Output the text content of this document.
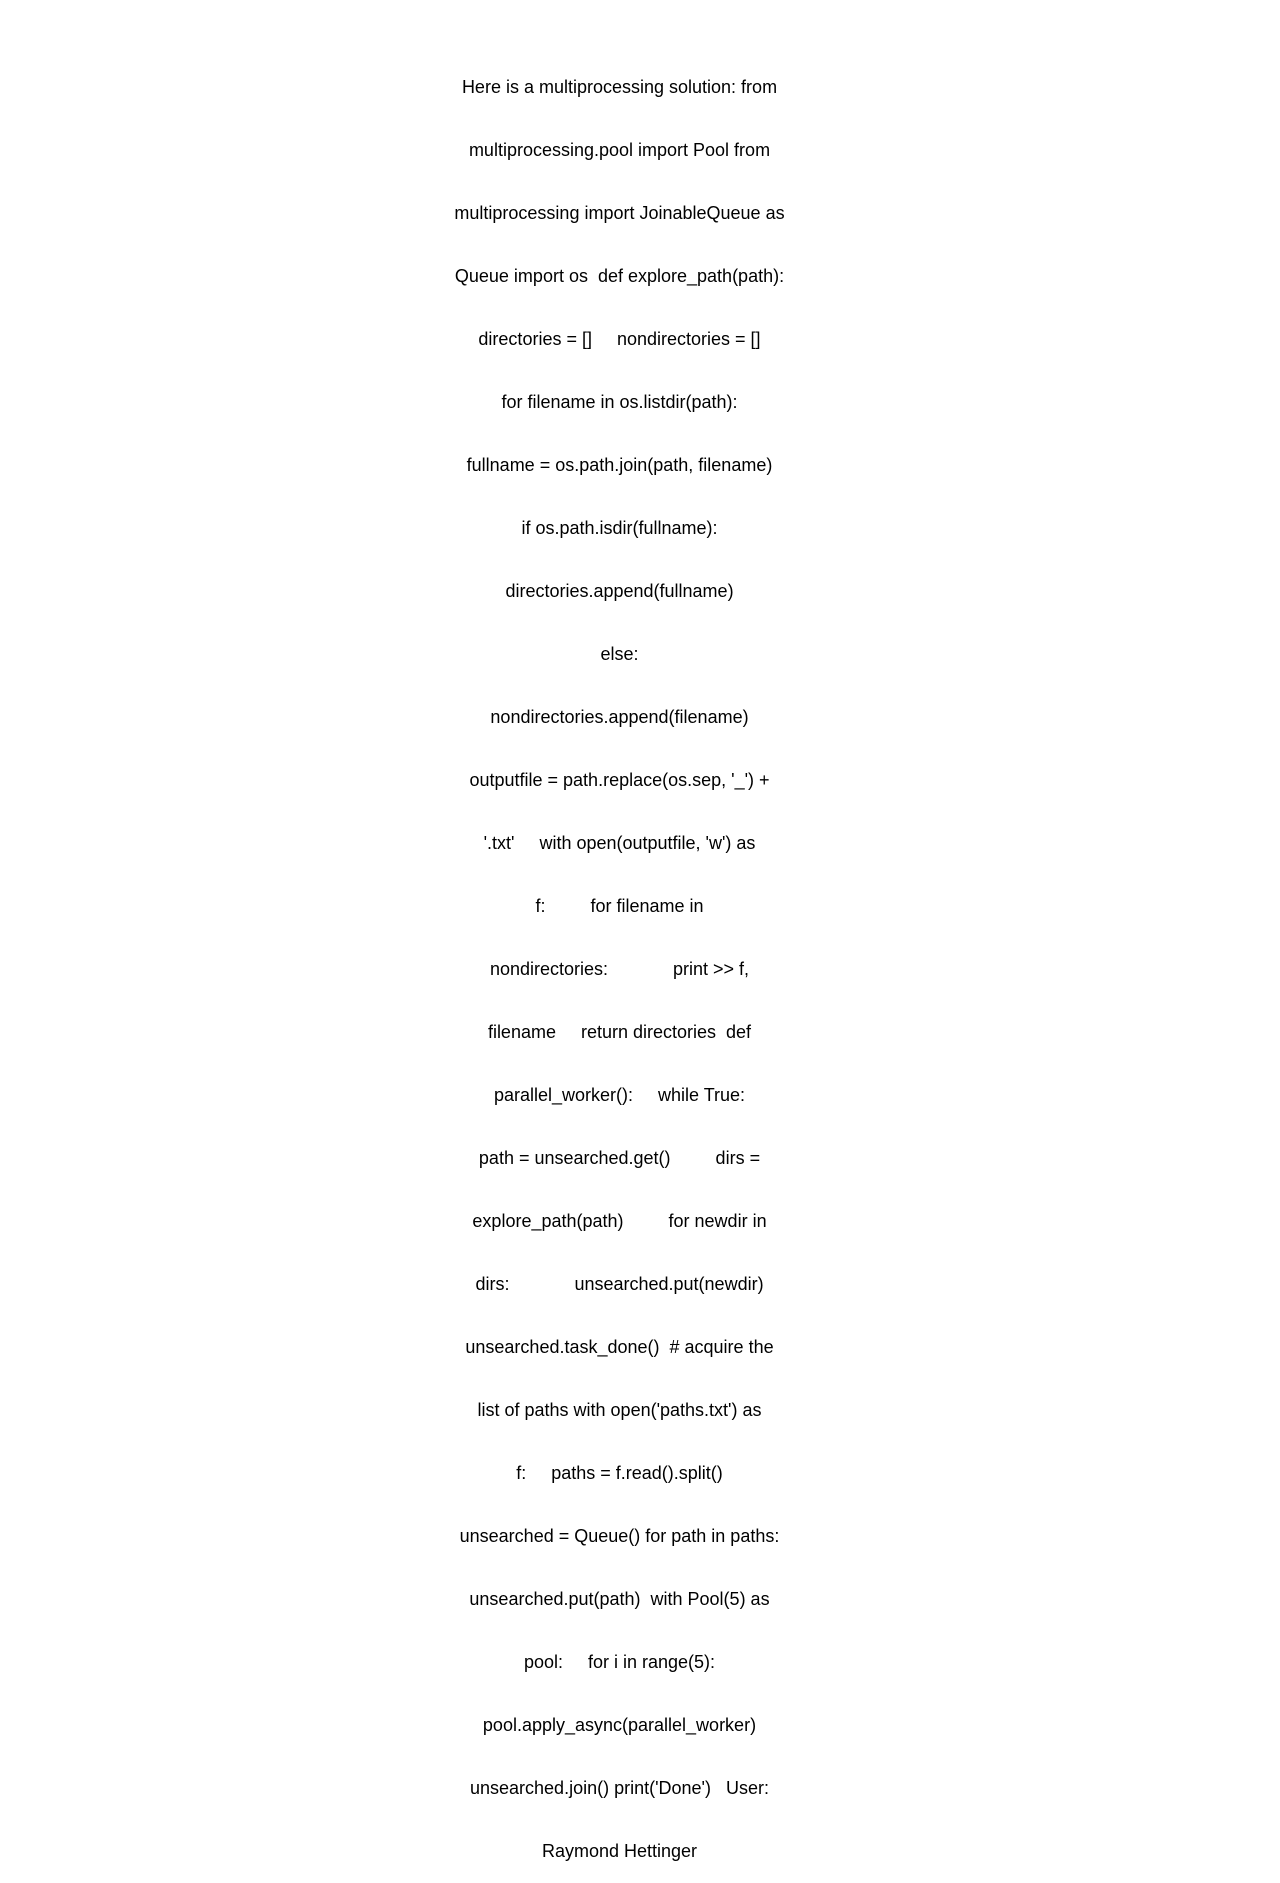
Here is a multiprocessing solution: from

multiprocessing.pool import Pool from

multiprocessing import JoinableQueue as

Queue import os  def explore_path(path):

directories = []     nondirectories = []

for filename in os.listdir(path):

fullname = os.path.join(path, filename)

if os.path.isdir(fullname):

directories.append(fullname)

else:

nondirectories.append(filename)

outputfile = path.replace(os.sep, '_') +

'.txt'     with open(outputfile, 'w') as

f:         for filename in

nondirectories:             print >> f,

filename     return directories  def

parallel_worker():     while True:

path = unsearched.get()         dirs =

explore_path(path)         for newdir in

dirs:             unsearched.put(newdir)

unsearched.task_done()  # acquire the

list of paths with open('paths.txt') as

f:     paths = f.read().split()

unsearched = Queue() for path in paths:

unsearched.put(path)  with Pool(5) as

pool:     for i in range(5):

pool.apply_async(parallel_worker)

unsearched.join() print('Done')   User:

Raymond Hettinger
